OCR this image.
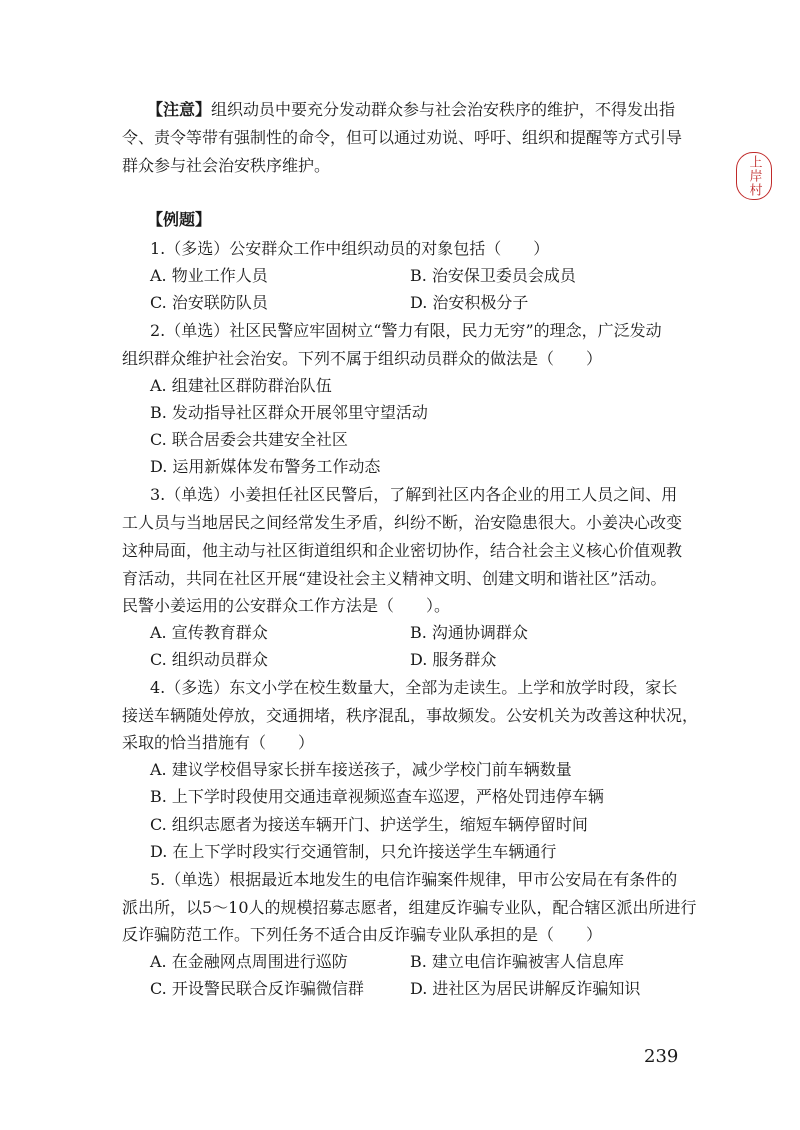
【注意】组织动员中要充分发动群众参与社会治安秩序的维护，不得发出指
令、责令等带有强制性的命令，但可以通过劝说、呼吁、组织和提醒等方式引导
群众参与社会治安秩序维护。	上岸村
【例题】
1.（多选）公安群众工作中组织动员的对象包括（　　）
A. 物业工作人员	B. 治安保卫委员会成员
C. 治安联防队员	D. 治安积极分子
2.（单选）社区民警应牢固树立“警力有限，民力无穷”的理念，广泛发动
组织群众维护社会治安。下列不属于组织动员群众的做法是（　　）
A. 组建社区群防群治队伍
B. 发动指导社区群众开展邻里守望活动
C. 联合居委会共建安全社区
D. 运用新媒体发布警务工作动态
3.（单选）小姜担任社区民警后，了解到社区内各企业的用工人员之间、用
工人员与当地居民之间经常发生矛盾，纠纷不断，治安隐患很大。小姜决心改变
这种局面，他主动与社区街道组织和企业密切协作，结合社会主义核心价值观教
育活动，共同在社区开展“建设社会主义精神文明、创建文明和谐社区”活动。
民警小姜运用的公安群众工作方法是（　　）。
A. 宣传教育群众	B. 沟通协调群众
C. 组织动员群众	D. 服务群众
4.（多选）东文小学在校生数量大，全部为走读生。上学和放学时段，家长
接送车辆随处停放，交通拥堵，秩序混乱，事故频发。公安机关为改善这种状况，
采取的恰当措施有（　　）
A. 建议学校倡导家长拼车接送孩子，减少学校门前车辆数量
B. 上下学时段使用交通违章视频巡查车巡逻，严格处罚违停车辆
C. 组织志愿者为接送车辆开门、护送学生，缩短车辆停留时间
D. 在上下学时段实行交通管制，只允许接送学生车辆通行
5.（单选）根据最近本地发生的电信诈骗案件规律，甲市公安局在有条件的
派出所，以5～10人的规模招募志愿者，组建反诈骗专业队，配合辖区派出所进行
反诈骗防范工作。下列任务不适合由反诈骗专业队承担的是（　　）
A. 在金融网点周围进行巡防	B. 建立电信诈骗被害人信息库
C. 开设警民联合反诈骗微信群	D. 进社区为居民讲解反诈骗知识
239
